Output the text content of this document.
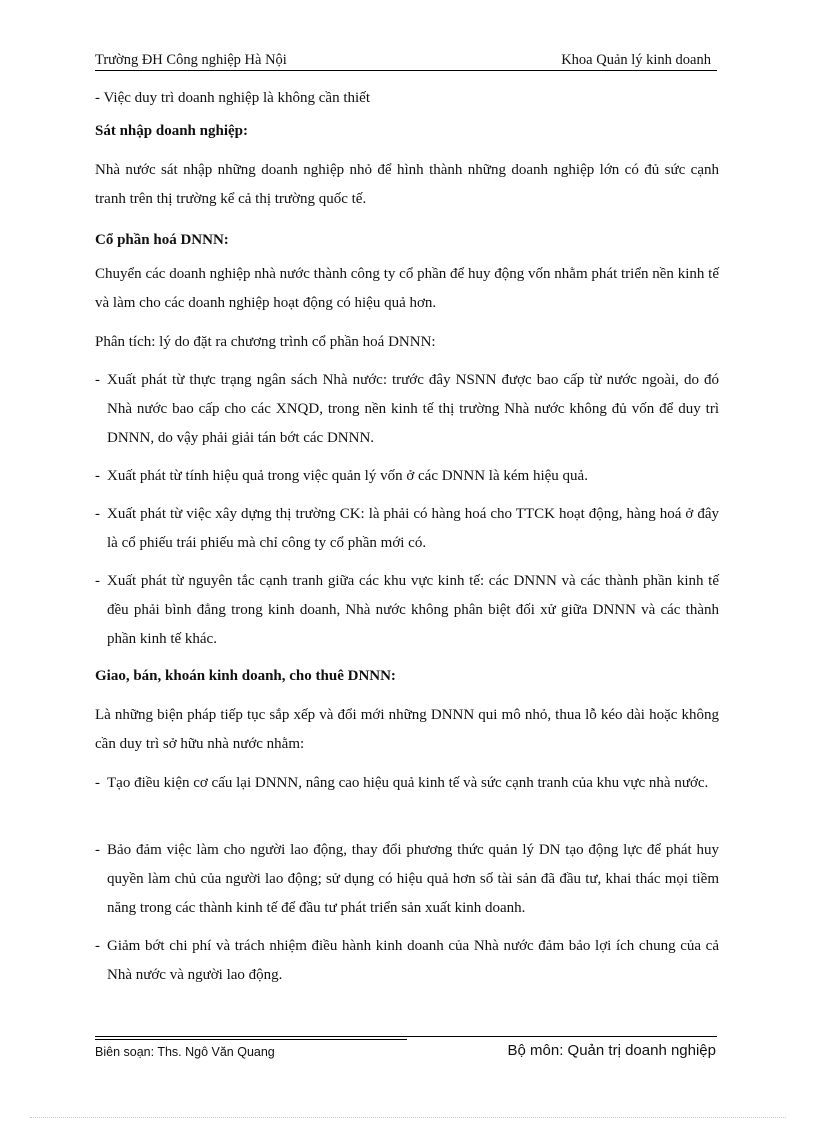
Trường ĐH Công nghiệp Hà Nội	Khoa Quản lý kinh doanh

- Việc duy trì doanh nghiệp là không cần thiết

Sát nhập doanh nghiệp:

Nhà nước sát nhập những doanh nghiệp nhỏ để hình thành những doanh nghiệp lớn có đủ sức cạnh tranh trên thị trường kể cả thị trường quốc tế.

Cổ phần hoá DNNN:

Chuyển các doanh nghiệp nhà nước thành công ty cổ phần để huy động vốn nhằm phát triển nền kinh tế và làm cho các doanh nghiệp hoạt động có hiệu quả hơn.

Phân tích: lý do đặt ra chương trình cổ phần hoá DNNN:

- Xuất phát từ thực trạng ngân sách Nhà nước: trước đây NSNN được bao cấp từ nước ngoài, do đó Nhà nước bao cấp cho các XNQD, trong nền kinh tế thị trường Nhà nước không đủ vốn để duy trì DNNN, do vậy phải giải tán bớt các DNNN.
- Xuất phát từ tính hiệu quả trong việc quản lý vốn ở các DNNN là kém hiệu quả.
- Xuất phát từ việc xây dựng thị trường CK: là phải có hàng hoá cho TTCK hoạt động, hàng hoá ở đây là cổ phiếu trái phiếu mà chỉ công ty cổ phần mới có.
- Xuất phát từ nguyên tắc cạnh tranh giữa các khu vực kinh tế: các DNNN và các thành phần kinh tế đều phải bình đẳng trong kinh doanh, Nhà nước không phân biệt đối xử giữa DNNN và các thành phần kinh tế khác.

Giao, bán, khoán kinh doanh, cho thuê DNNN:

Là những biện pháp tiếp tục sắp xếp và đổi mới những DNNN qui mô nhỏ, thua lỗ kéo dài hoặc không cần duy trì sở hữu nhà nước nhằm:

- Tạo điều kiện cơ cấu lại DNNN, nâng cao hiệu quả kinh tế và sức cạnh tranh của khu vực nhà nước.
- Bảo đảm việc làm cho người lao động, thay đổi phương thức quản lý DN tạo động lực để phát huy quyền làm chủ của người lao động; sử dụng có hiệu quả hơn số tài sản đã đầu tư, khai thác mọi tiềm năng trong các thành kinh tế để đầu tư phát triển sản xuất kinh doanh.
- Giảm bớt chi phí và trách nhiệm điều hành kinh doanh của Nhà nước đảm bảo lợi ích chung của cả Nhà nước và người lao động.
Biên soạn: Ths. Ngô Văn Quang	Bộ môn: Quản trị doanh nghiệp
